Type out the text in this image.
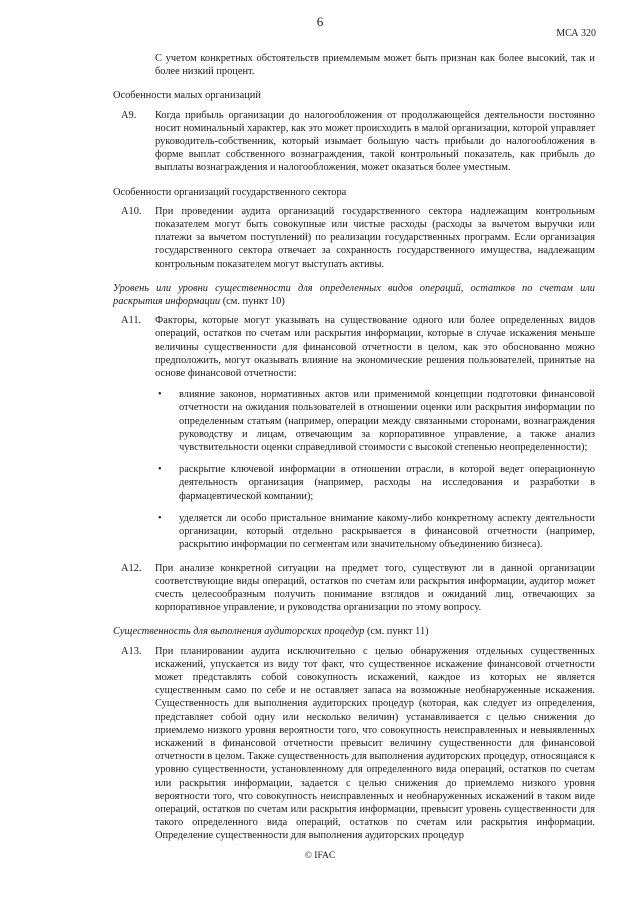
6
МСА 320

С учетом конкретных обстоятельств приемлемым может быть признан как более высокий, так и более низкий процент.

Особенности малых организаций

A9. Когда прибыль организации до налогообложения от продолжающейся деятельности постоянно носит номинальный характер, как это может происходить в малой организации, которой управляет руководитель-собственник, который изымает большую часть прибыли до налогообложения в форме выплат собственного вознаграждения, такой контрольный показатель, как прибыль до выплаты вознаграждения и налогообложения, может оказаться более уместным.

Особенности организаций государственного сектора

A10. При проведении аудита организаций государственного сектора надлежащим контрольным показателем могут быть совокупные или чистые расходы (расходы за вычетом выручки или платежи за вычетом поступлений) по реализации государственных программ. Если организация государственного сектора отвечает за сохранность государственного имущества, надлежащим контрольным показателем могут выступать активы.

Уровень или уровни существенности для определенных видов операций, остатков по счетам или раскрытия информации (см. пункт 10)

A11. Факторы, которые могут указывать на существование одного или более определенных видов операций, остатков по счетам или раскрытия информации, которые в случае искажения меньше величины существенности для финансовой отчетности в целом, как это обоснованно можно предположить, могут оказывать влияние на экономические решения пользователей, принятые на основе финансовой отчетности:

• влияние законов, нормативных актов или применимой концепции подготовки финансовой отчетности на ожидания пользователей в отношении оценки или раскрытия информации по определенным статьям (например, операции между связанными сторонами, вознаграждения руководству и лицам, отвечающим за корпоративное управление, а также анализ чувствительности оценки справедливой стоимости с высокой степенью неопределенности);

• раскрытие ключевой информации в отношении отрасли, в которой ведет операционную деятельность организация (например, расходы на исследования и разработки в фармацевтической компании);

• уделяется ли особо пристальное внимание какому-либо конкретному аспекту деятельности организации, который отдельно раскрывается в финансовой отчетности (например, раскрытию информации по сегментам или значительному объединению бизнеса).

A12. При анализе конкретной ситуации на предмет того, существуют ли в данной организации соответствующие виды операций, остатков по счетам или раскрытия информации, аудитор может счесть целесообразным получить понимание взглядов и ожиданий лиц, отвечающих за корпоративное управление, и руководства организации по этому вопросу.

Существенность для выполнения аудиторских процедур (см. пункт 11)

A13. При планировании аудита исключительно с целью обнаружения отдельных существенных искажений, упускается из виду тот факт, что существенное искажение финансовой отчетности может представлять собой совокупность искажений, каждое из которых не является существенным само по себе и не оставляет запаса на возможные необнаруженные искажения. Существенность для выполнения аудиторских процедур (которая, как следует из определения, представляет собой одну или несколько величин) устанавливается с целью снижения до приемлемо низкого уровня вероятности того, что совокупность неисправленных и невыявленных искажений в финансовой отчетности превысит величину существенности для финансовой отчетности в целом. Также существенность для выполнения аудиторских процедур, относящаяся к уровню существенности, установленному для определенного вида операций, остатков по счетам или раскрытия информации, задается с целью снижения до приемлемо низкого уровня вероятности того, что совокупность неисправленных и необнаруженных искажений в таком виде операций, остатков по счетам или раскрытия информации, превысит уровень существенности для такого определенного вида операций, остатков по счетам или раскрытия информации. Определение существенности для выполнения аудиторских процедур

© IFAC
